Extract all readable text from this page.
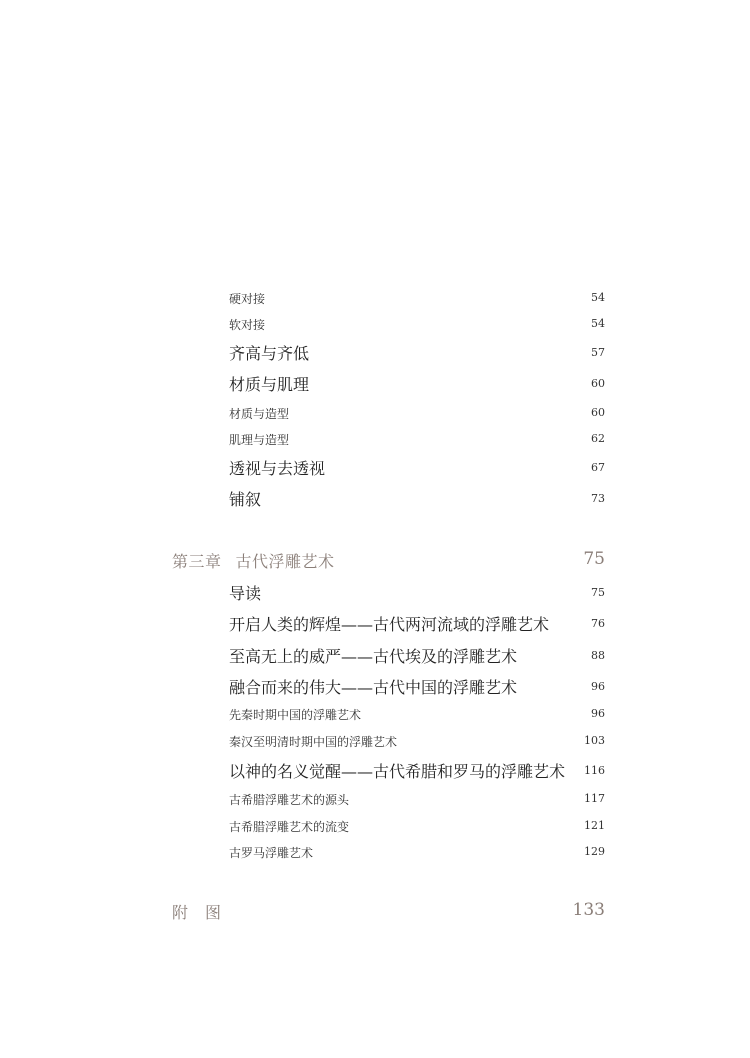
硬对接	54
软对接	54
齐高与齐低	57
材质与肌理	60
材质与造型	60
肌理与造型	62
透视与去透视	67
铺叙	73
第三章 古代浮雕艺术	75
导读	75
开启人类的辉煌——古代两河流域的浮雕艺术	76
至高无上的威严——古代埃及的浮雕艺术	88
融合而来的伟大——古代中国的浮雕艺术	96
先秦时期中国的浮雕艺术	96
秦汉至明清时期中国的浮雕艺术	103
以神的名义觉醒——古代希腊和罗马的浮雕艺术 116
古希腊浮雕艺术的源头	117
古希腊浮雕艺术的流变	121
古罗马浮雕艺术	129
附　图	133
